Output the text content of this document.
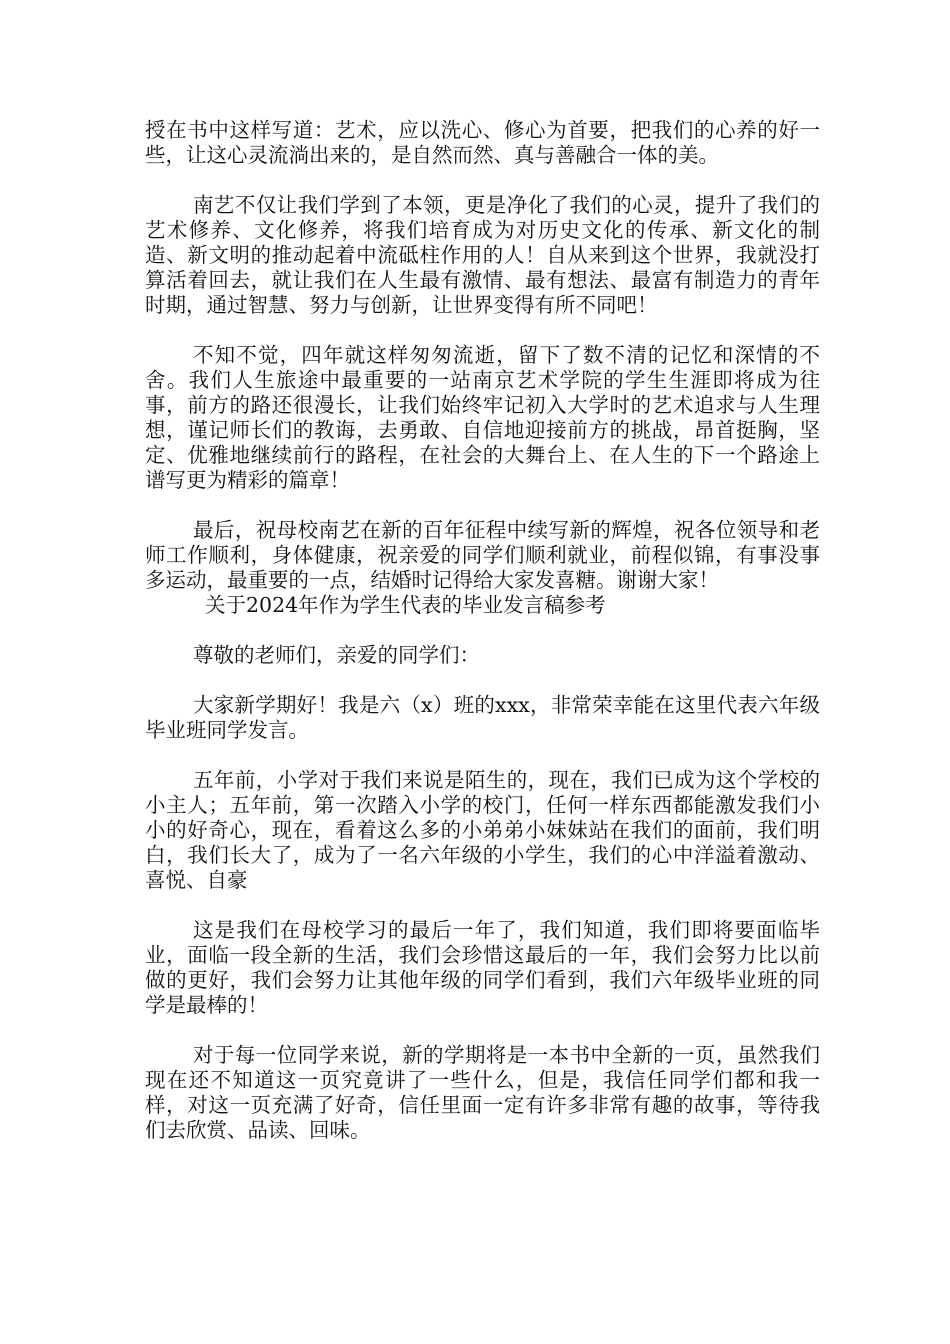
授在书中这样写道：艺术，应以洗心、修心为首要，把我们的心养的好一些，让这心灵流淌出来的，是自然而然、真与善融合一体的美。

南艺不仅让我们学到了本领，更是净化了我们的心灵，提升了我们的艺术修养、文化修养，将我们培育成为对历史文化的传承、新文化的制造、新文明的推动起着中流砥柱作用的人！自从来到这个世界，我就没打算活着回去，就让我们在人生最有激情、最有想法、最富有制造力的青年时期，通过智慧、努力与创新，让世界变得有所不同吧！

不知不觉，四年就这样匆匆流逝，留下了数不清的记忆和深情的不舍。我们人生旅途中最重要的一站南京艺术学院的学生生涯即将成为往事，前方的路还很漫长，让我们始终牢记初入大学时的艺术追求与人生理想，谨记师长们的教诲，去勇敢、自信地迎接前方的挑战，昂首挺胸，坚定、优雅地继续前行的路程，在社会的大舞台上、在人生的下一个路途上谱写更为精彩的篇章！

最后，祝母校南艺在新的百年征程中续写新的辉煌，祝各位领导和老师工作顺利，身体健康，祝亲爱的同学们顺利就业，前程似锦，有事没事多运动，最重要的一点，结婚时记得给大家发喜糖。谢谢大家！

关于2024年作为学生代表的毕业发言稿参考

尊敬的老师们，亲爱的同学们：

大家新学期好！我是六（x）班的xxx，非常荣幸能在这里代表六年级毕业班同学发言。

五年前，小学对于我们来说是陌生的，现在，我们已成为这个学校的小主人；五年前，第一次踏入小学的校门，任何一样东西都能激发我们小小的好奇心，现在，看着这么多的小弟弟小妹妹站在我们的面前，我们明白，我们长大了，成为了一名六年级的小学生，我们的心中洋溢着激动、喜悦、自豪

这是我们在母校学习的最后一年了，我们知道，我们即将要面临毕业，面临一段全新的生活，我们会珍惜这最后的一年，我们会努力比以前做的更好，我们会努力让其他年级的同学们看到，我们六年级毕业班的同学是最棒的！

对于每一位同学来说，新的学期将是一本书中全新的一页，虽然我们现在还不知道这一页究竟讲了一些什么，但是，我信任同学们都和我一样，对这一页充满了好奇，信任里面一定有许多非常有趣的故事，等待我们去欣赏、品读、回味。
